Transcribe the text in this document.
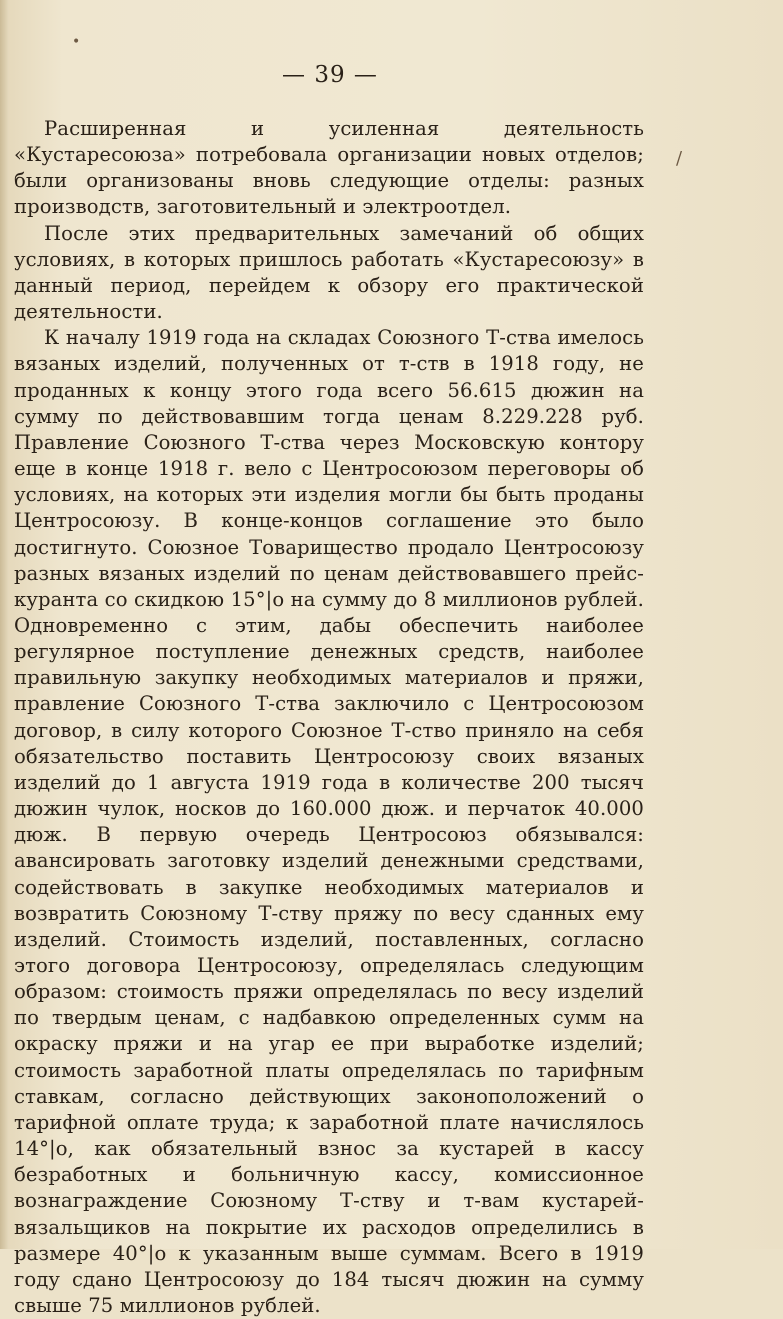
•
/
— 39 —

Расширенная и усиленная деятельность «Кустаресоюза» потребовала организации новых отделов; были организованы вновь следующие отделы: разных производств, заготовительный и электроотдел.

После этих предварительных замечаний об общих условиях, в которых пришлось работать «Кустаресоюзу» в данный период, перейдем к обзору его практической деятельности.

К началу 1919 года на складах Союзного Т-ства имелось вязаных изделий, полученных от т-ств в 1918 году, не проданных к концу этого года всего 56.615 дюжин на сумму по действовавшим тогда ценам 8.229.228 руб. Правление Союзного Т-ства через Московскую контору еще в конце 1918 г. вело с Центросоюзом переговоры об условиях, на которых эти изделия могли бы быть проданы Центросоюзу. В конце-концов соглашение это было достигнуто. Союзное Товарищество продало Центросоюзу разных вязаных изделий по ценам действовавшего прейс-куранта со скидкою 15°|о на сумму до 8 миллионов рублей. Одновременно с этим, дабы обеспечить наиболее регулярное поступление денежных средств, наиболее правильную закупку необходимых материалов и пряжи, правление Союзного Т-ства заключило с Центросоюзом договор, в силу которого Союзное Т-ство приняло на себя обязательство поставить Центросоюзу своих вязаных изделий до 1 августа 1919 года в количестве 200 тысяч дюжин чулок, носков до 160.000 дюж. и перчаток 40.000 дюж. В первую очередь Центросоюз обязывался: авансировать заготовку изделий денежными средствами, содействовать в закупке необходимых материалов и возвратить Союзному Т-ству пряжу по весу сданных ему изделий. Стоимость изделий, поставленных, согласно этого договора Центросоюзу, определялась следующим образом: стоимость пряжи определялась по весу изделий по твердым ценам, с надбавкою определенных сумм на окраску пряжи и на угар ее при выработке изделий; стоимость заработной платы определялась по тарифным ставкам, согласно действующих законоположений о тарифной оплате труда; к заработной плате начислялось 14°|о, как обязательный взнос за кустарей в кассу безработных и больничную кассу, комиссионное вознаграждение Союзному Т-ству и т-вам кустарей-вязальщиков на покрытие их расходов определились в размере 40°|о к указанным выше суммам. Всего в 1919 году сдано Центросоюзу до 184 тысяч дюжин на сумму свыше 75 миллионов рублей.
